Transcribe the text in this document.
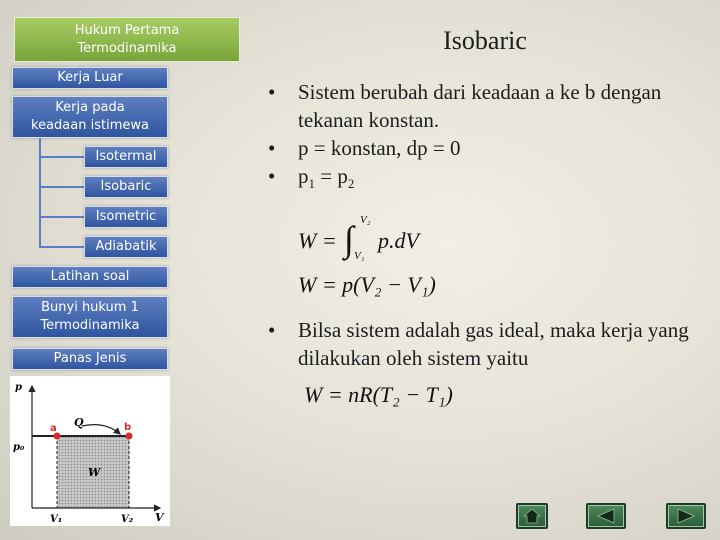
Hukum Pertama
Termodinamika
Kerja Luar
Kerja pada
keadaan istimewa
Isotermal
Isobaric
Isometric
Adiabatik
Latihan soal
Bunyi hukum 1
Termodinamika
Panas Jenis
p
p₀
V
V₁	V₂
a	b
Q
W
Isobaric
• Sistem berubah dari keadaan a ke b dengan tekanan konstan.
• p = konstan, dp = 0
• $p_1 = p_2$
W = ∫ V₂
V₁
p.dV
W = p(V₂ − V₁)
• Bilsa sistem adalah gas ideal, maka kerja yang dilakukan oleh sistem yaitu
W = nR(T₂ − T₁)
